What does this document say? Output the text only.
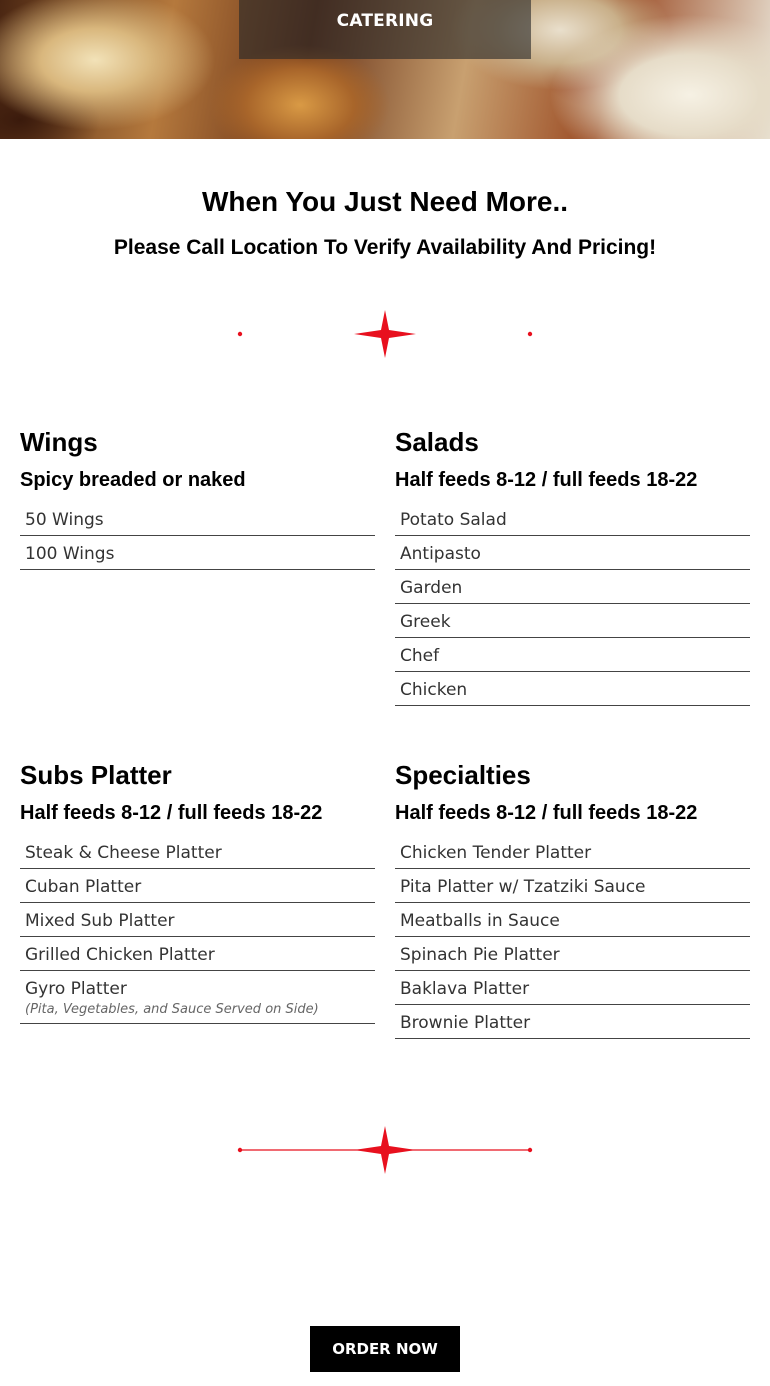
CATERING
When You Just Need More..
Please Call Location To Verify Availability And Pricing!
Wings
Spicy breaded or naked
50 Wings
100 Wings
Salads
Half feeds 8-12 / full feeds 18-22
Potato Salad
Antipasto
Garden
Greek
Chef
Chicken
Subs Platter
Half feeds 8-12 / full feeds 18-22
Steak & Cheese Platter
Cuban Platter
Mixed Sub Platter
Grilled Chicken Platter
Gyro Platter
(Pita, Vegetables, and Sauce Served on Side)
Specialties
Half feeds 8-12 / full feeds 18-22
Chicken Tender Platter
Pita Platter w/ Tzatziki Sauce
Meatballs in Sauce
Spinach Pie Platter
Baklava Platter
Brownie Platter
ORDER NOW
